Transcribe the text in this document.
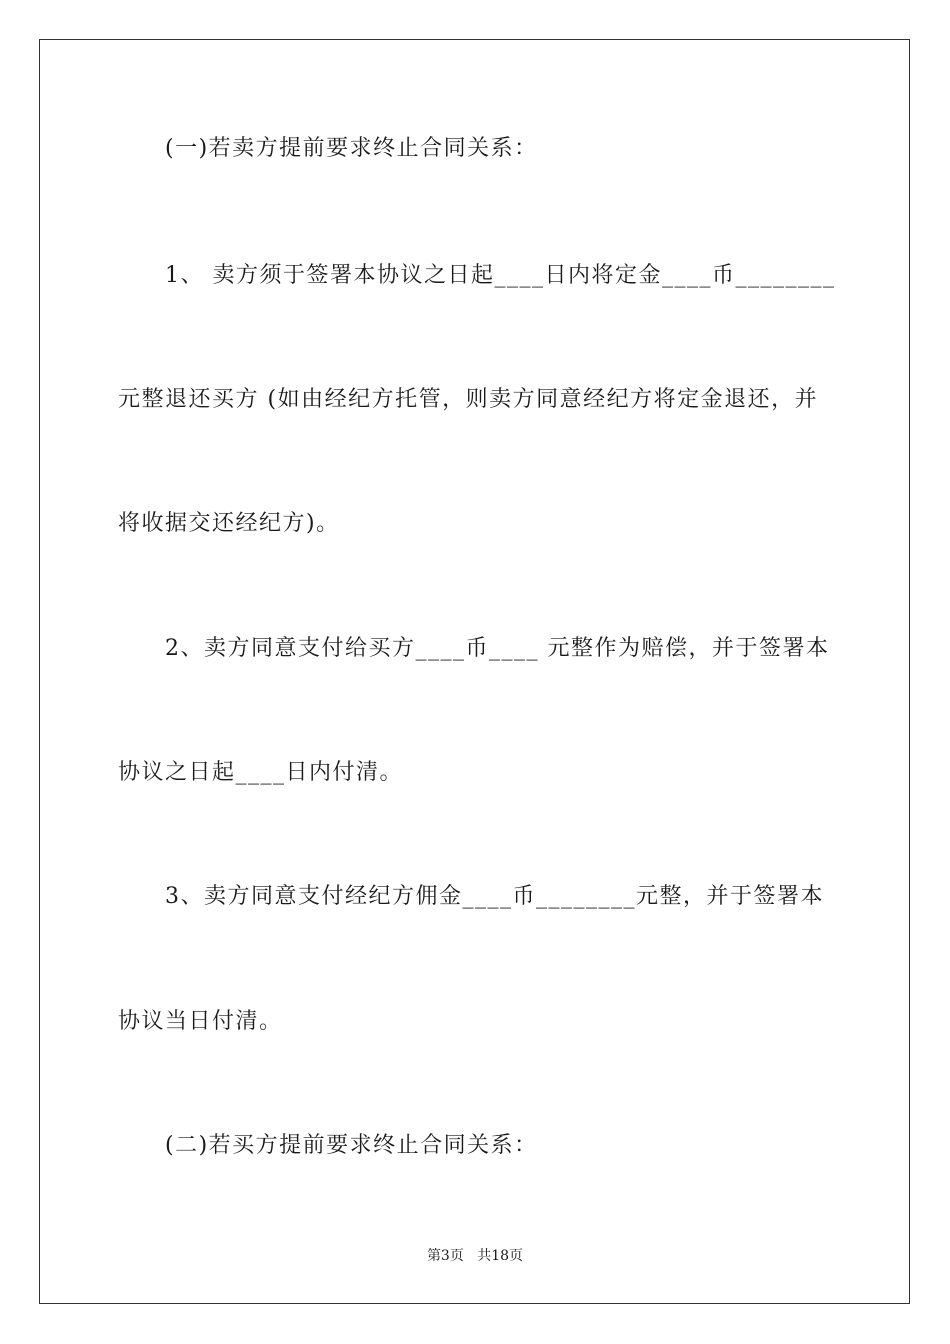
(一)若卖方提前要求终止合同关系：
1、 卖方须于签署本协议之日起____日内将定金____币________
元整退还买方 (如由经纪方托管，则卖方同意经纪方将定金退还，并
将收据交还经纪方)。
2、卖方同意支付给买方____币____ 元整作为赔偿，并于签署本
协议之日起____日内付清。
3、卖方同意支付经纪方佣金____币________元整，并于签署本
协议当日付清。
(二)若买方提前要求终止合同关系：
第3页 共18页
